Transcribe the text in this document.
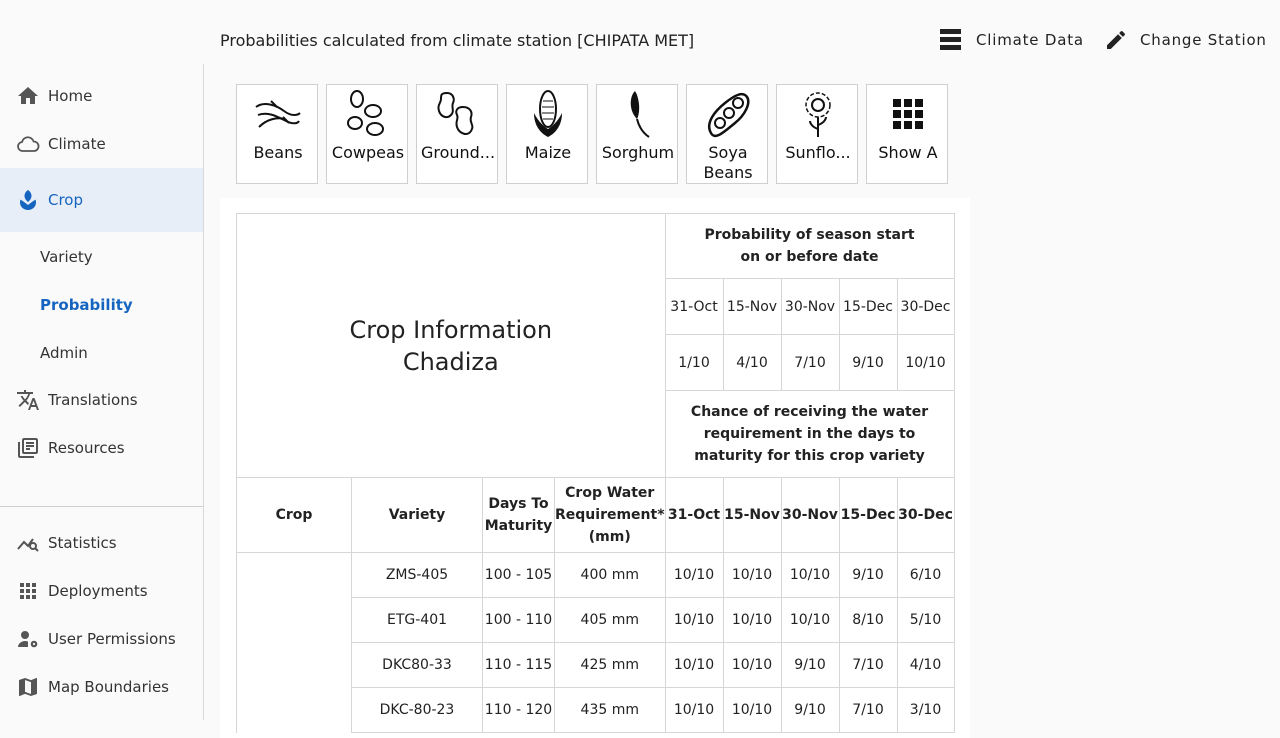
Probabilities calculated from climate station [CHIPATA MET]	Climate Data	Change Station
Home
Climate
Crop
Variety
Probability
Admin
Translations
Resources
Statistics
Deployments
User Permissions
Map Boundaries
Beans	Cowpeas	Ground...	Maize	Sorghum	Soya Beans
Sunflo...	Show A
Crop Information
Chadiza				Probability of season start on or before date				
				31-Oct	15-Nov	30-Nov	15-Dec	30-Dec
				1/10	4/10	7/10	9/10	10/10
				Chance of receiving the water requirement in the days to maturity for this crop variety				
Crop	Variety	Days To Maturity	Crop Water Requirement* (mm)	31-Oct	15-Nov	30-Nov	15-Dec	30-Dec
	ZMS-405	100 - 105	400 mm	10/10	10/10	10/10	9/10	6/10
	ETG-401	100 - 110	405 mm	10/10	10/10	10/10	8/10	5/10
	DKC80-33	110 - 115	425 mm	10/10	10/10	9/10	7/10	4/10
	DKC-80-23	110 - 120	435 mm	10/10	10/10	9/10	7/10	3/10
